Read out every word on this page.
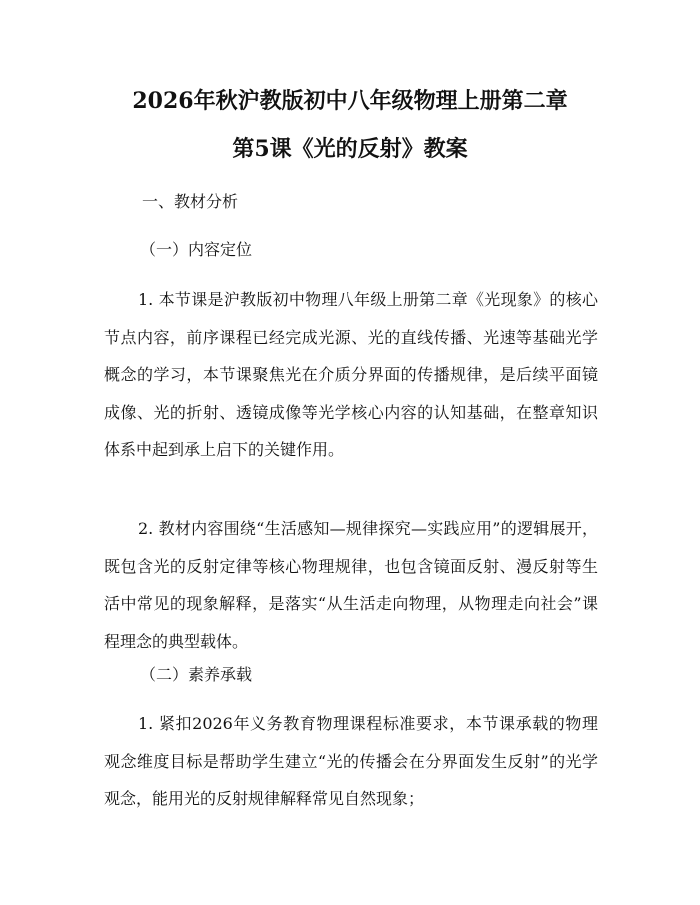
2026年秋沪教版初中八年级物理上册第二章
第5课《光的反射》教案

一、教材分析

（一）内容定位

1. 本节课是沪教版初中物理八年级上册第二章《光现象》的核心节点内容，前序课程已经完成光源、光的直线传播、光速等基础光学概念的学习，本节课聚焦光在介质分界面的传播规律，是后续平面镜成像、光的折射、透镜成像等光学核心内容的认知基础，在整章知识体系中起到承上启下的关键作用。

2. 教材内容围绕“生活感知—规律探究—实践应用”的逻辑展开，既包含光的反射定律等核心物理规律，也包含镜面反射、漫反射等生活中常见的现象解释，是落实“从生活走向物理，从物理走向社会”课程理念的典型载体。

（二）素养承载

1. 紧扣2026年义务教育物理课程标准要求，本节课承载的物理观念维度目标是帮助学生建立“光的传播会在分界面发生反射”的光学观念，能用光的反射规律解释常见自然现象；
